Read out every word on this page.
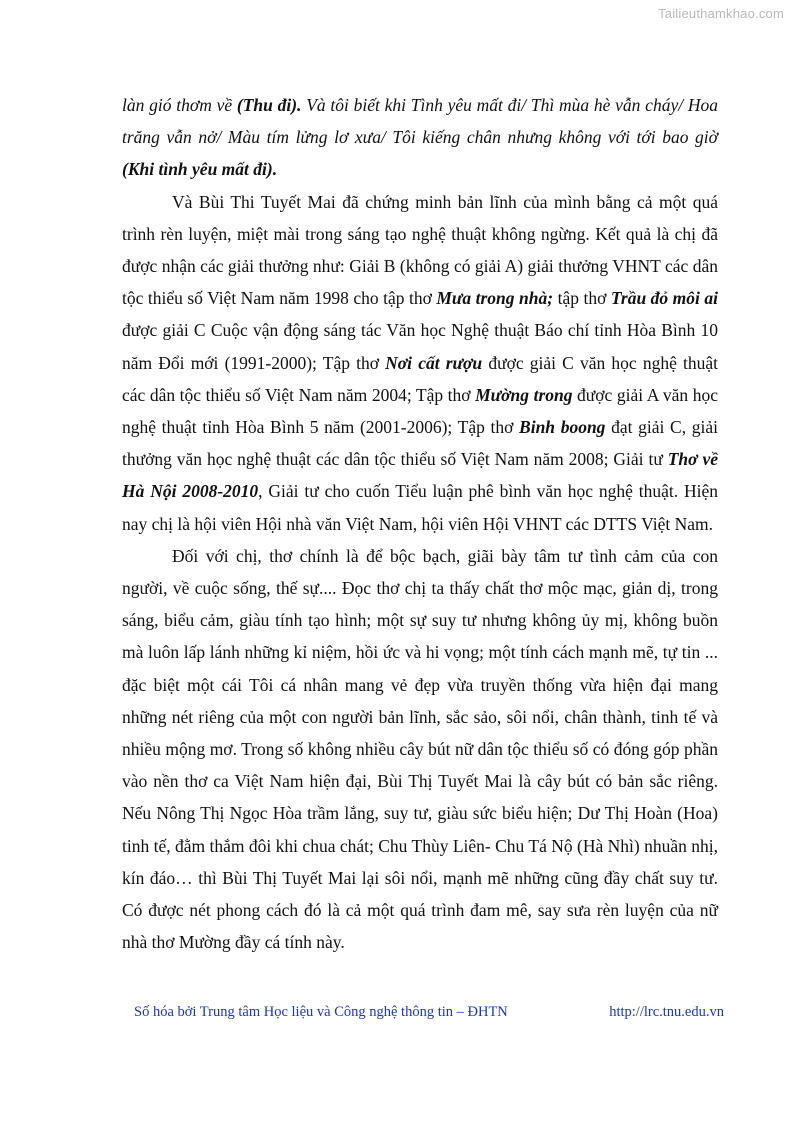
Tailieuthamkhao.com

làn gió thơm về (Thu đi). Và tôi biết khi Tình yêu mất đi/ Thì mùa hè vẫn cháy/ Hoa trăng vẫn nở/ Màu tím lửng lơ xưa/ Tôi kiếng chân nhưng không với tới bao giờ (Khi tình yêu mất đi).

Và Bùi Thi Tuyết Mai đã chứng minh bản lĩnh của mình bằng cả một quá trình rèn luyện, miệt mài trong sáng tạo nghệ thuật không ngừng. Kết quả là chị đã được nhận các giải thưởng như: Giải B (không có giải A) giải thưởng VHNT các dân tộc thiểu số Việt Nam năm 1998 cho tập thơ Mưa trong nhà; tập thơ Trầu đỏ môi ai được giải C Cuộc vận động sáng tác Văn học Nghệ thuật Báo chí tỉnh Hòa Bình 10 năm Đổi mới (1991-2000); Tập thơ Nơi cất rượu được giải C văn học nghệ thuật các dân tộc thiểu số Việt Nam năm 2004; Tập thơ Mường trong được giải A văn học nghệ thuật tỉnh Hòa Bình 5 năm (2001-2006); Tập thơ Binh boong đạt giải C, giải thưởng văn học nghệ thuật các dân tộc thiểu số Việt Nam năm 2008; Giải tư Thơ về Hà Nội 2008-2010, Giải tư cho cuốn Tiểu luận phê bình văn học nghệ thuật. Hiện nay chị là hội viên Hội nhà văn Việt Nam, hội viên Hội VHNT các DTTS Việt Nam.

Đối với chị, thơ chính là để bộc bạch, giãi bày tâm tư tình cảm của con người, về cuộc sống, thế sự.... Đọc thơ chị ta thấy chất thơ mộc mạc, giản dị, trong sáng, biểu cảm, giàu tính tạo hình; một sự suy tư nhưng không ủy mị, không buồn mà luôn lấp lánh những kỉ niệm, hồi ức và hi vọng; một tính cách mạnh mẽ, tự tin ... đặc biệt một cái Tôi cá nhân mang vẻ đẹp vừa truyền thống vừa hiện đại mang những nét riêng của một con người bản lĩnh, sắc sảo, sôi nổi, chân thành, tinh tế và nhiều mộng mơ. Trong số không nhiều cây bút nữ dân tộc thiểu số có đóng góp phần vào nền thơ ca Việt Nam hiện đại, Bùi Thị Tuyết Mai là cây bút có bản sắc riêng. Nếu Nông Thị Ngọc Hòa trầm lắng, suy tư, giàu sức biểu hiện; Dư Thị Hoàn (Hoa) tinh tế, đằm thắm đôi khi chua chát; Chu Thùy Liên- Chu Tá Nộ (Hà Nhì) nhuần nhị, kín đáo… thì Bùi Thị Tuyết Mai lại sôi nổi, mạnh mẽ những cũng đầy chất suy tư. Có được nét phong cách đó là cả một quá trình đam mê, say sưa rèn luyện của nữ nhà thơ Mường đầy cá tính này.

Số hóa bởi Trung tâm Học liệu và Công nghệ thông tin – ĐHTN	http://lrc.tnu.edu.vn
